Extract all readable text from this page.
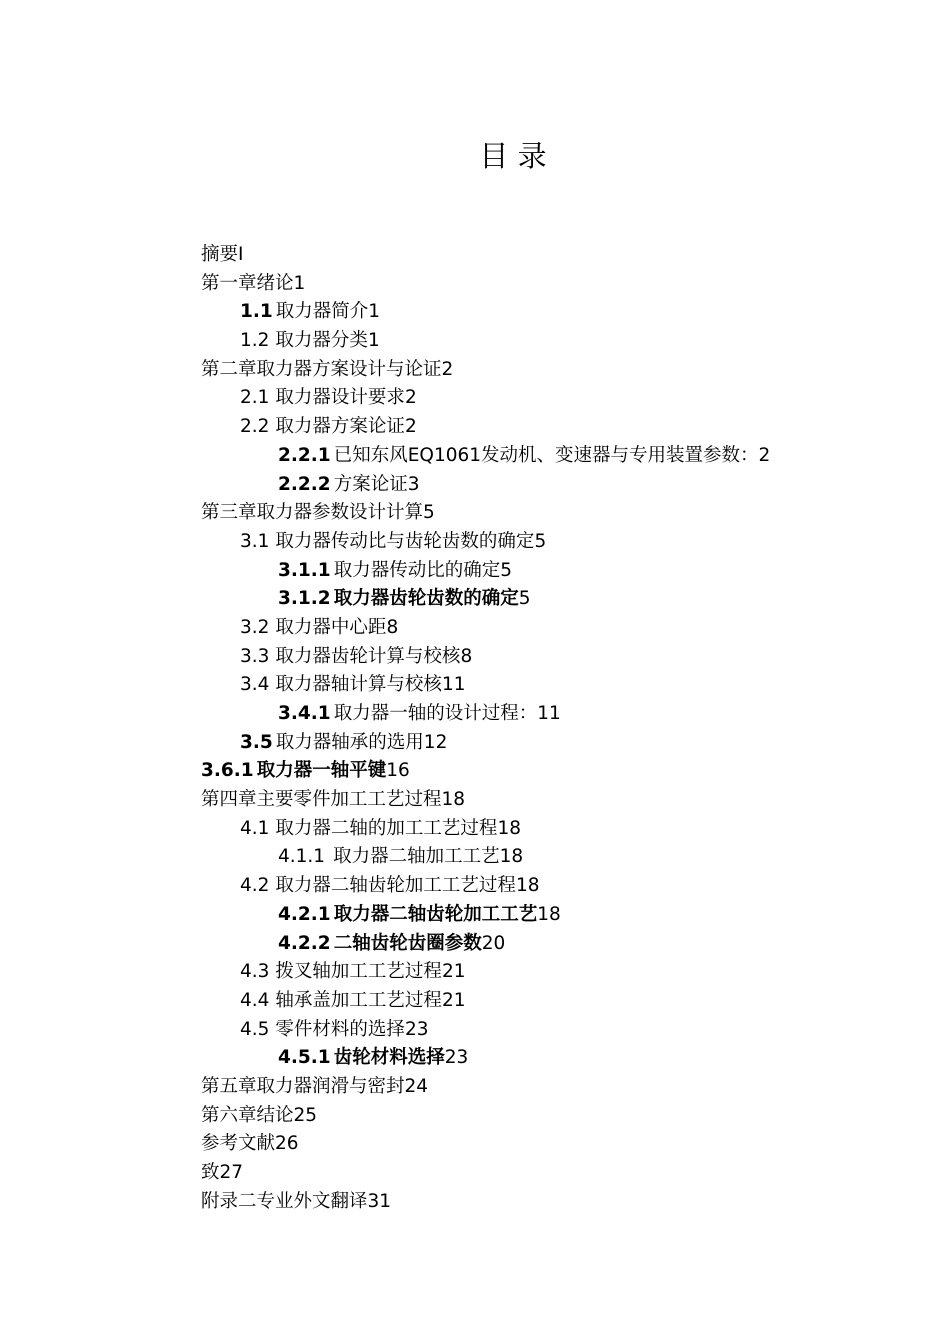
目 录
摘要I
第一章绪论1
1.1 取力器简介1
1.2 取力器分类1
第二章取力器方案设计与论证2
2.1 取力器设计要求2
2.2 取力器方案论证2
2.2.1 已知东风EQ1061发动机、变速器与专用装置参数：2
2.2.2 方案论证3
第三章取力器参数设计计算5
3.1 取力器传动比与齿轮齿数的确定5
3.1.1 取力器传动比的确定5
3.1.2 取力器齿轮齿数的确定5
3.2 取力器中心距8
3.3 取力器齿轮计算与校核8
3.4 取力器轴计算与校核11
3.4.1 取力器一轴的设计过程：11
3.5 取力器轴承的选用12
3.6.1 取力器一轴平键16
第四章主要零件加工工艺过程18
4.1 取力器二轴的加工工艺过程18
4.1.1 取力器二轴加工工艺18
4.2 取力器二轴齿轮加工工艺过程18
4.2.1 取力器二轴齿轮加工工艺18
4.2.2 二轴齿轮齿圈参数20
4.3 拨叉轴加工工艺过程21
4.4 轴承盖加工工艺过程21
4.5 零件材料的选择23
4.5.1 齿轮材料选择23
第五章取力器润滑与密封24
第六章结论25
参考文献26
致27
附录二专业外文翻译31
